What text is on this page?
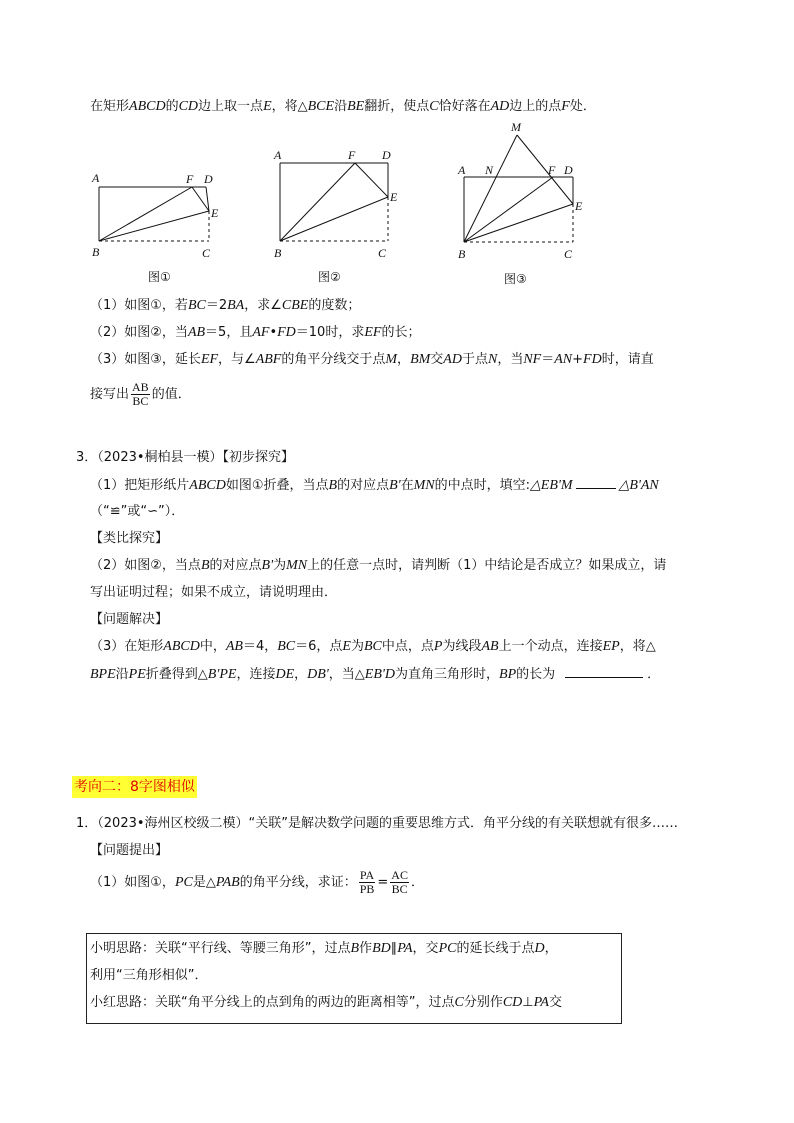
在矩形ABCD的CD边上取一点E，将△BCE沿BE翻折，使点C恰好落在AD边上的点F处．
A	F D
E
B	C
图①
A	F D
E
B	C
图②
M
A N	F D
E
B	C
图③
（1）如图①，若BC＝2BA，求∠CBE的度数；
（2）如图②，当AB＝5，且AF•FD＝10时，求EF的长；
（3）如图③，延长EF，与∠ABF的角平分线交于点M，BM交AD于点N，当NF＝AN+FD时，请直
接写出 $\frac{AB}{BC}$ 的值．
3．（2023•桐柏县一模）【初步探究】
（1）把矩形纸片ABCD如图①折叠，当点B的对应点B'在MN的中点时，填空:△EB'M	△B'AN
（“≌”或“∽”）．
【类比探究】
（2）如图②，当点B的对应点B'为MN上的任意一点时，请判断（1）中结论是否成立？如果成立，请
写出证明过程；如果不成立，请说明理由．
【问题解决】
（3）在矩形ABCD中，AB＝4，BC＝6，点E为BC中点，点P为线段AB上一个动点，连接EP，将△
BPE沿PE折叠得到△B'PE，连接DE，DB'，当△EB'D为直角三角形时，BP的长为	．
考向二：8字图相似
1．（2023•海州区校级二模）“关联”是解决数学问题的重要思维方式．角平分线的有关联想就有很多……
【问题提出】
（1）如图①，PC是△PAB的角平分线，求证： $\frac{PA}{PB} = \frac{AC}{BC}$ ．
小明思路：关联“平行线、等腰三角形”，过点B作BD∥PA，交PC的延长线于点D，
利用“三角形相似”．
小红思路：关联“角平分线上的点到角的两边的距离相等”，过点C分别作CD⊥PA交
